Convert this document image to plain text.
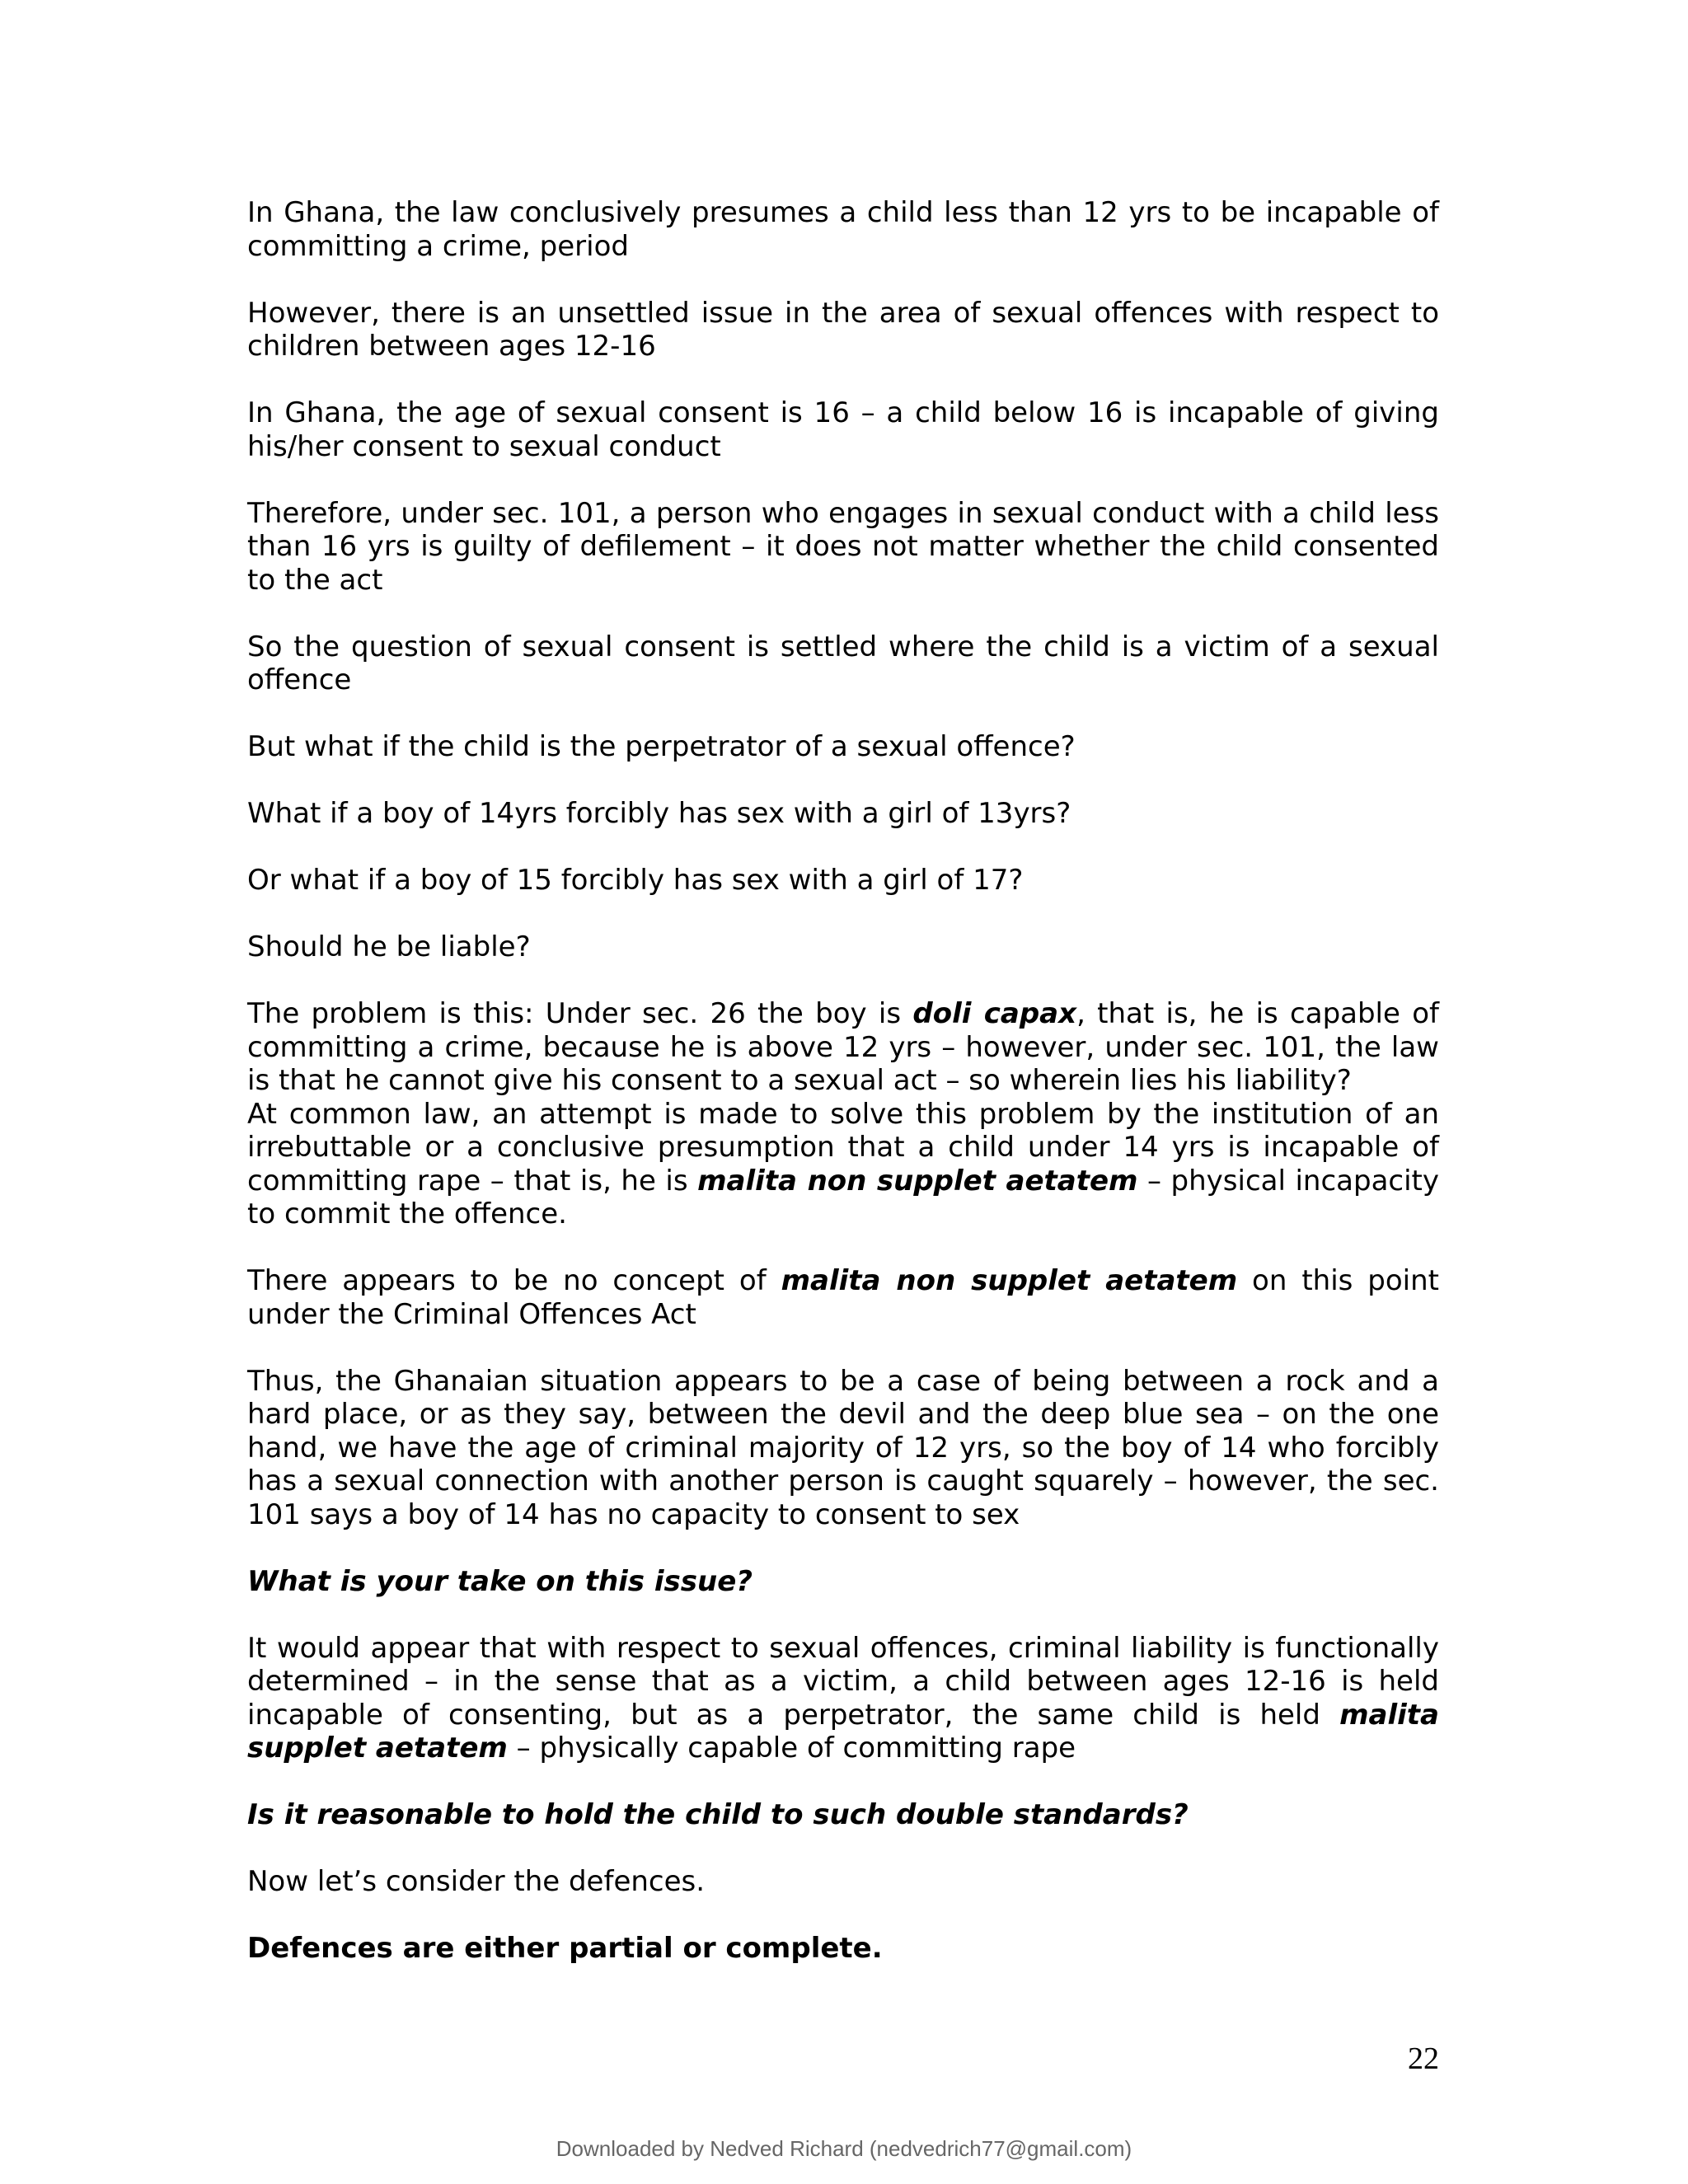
In Ghana, the law conclusively presumes a child less than 12 yrs to be incapable of committing a crime, period

However, there is an unsettled issue in the area of sexual offences with respect to children between ages 12-16

In Ghana, the age of sexual consent is 16 – a child below 16 is incapable of giving his/her consent to sexual conduct

Therefore, under sec. 101, a person who engages in sexual conduct with a child less than 16 yrs is guilty of defilement – it does not matter whether the child consented to the act

So the question of sexual consent is settled where the child is a victim of a sexual offence

But what if the child is the perpetrator of a sexual offence?

What if a boy of 14yrs forcibly has sex with a girl of 13yrs?

Or what if a boy of 15 forcibly has sex with a girl of 17?

Should he be liable?

The problem is this: Under sec. 26 the boy is doli capax, that is, he is capable of committing a crime, because he is above 12 yrs – however, under sec. 101, the law is that he cannot give his consent to a sexual act – so wherein lies his liability?

At common law, an attempt is made to solve this problem by the institution of an irrebuttable or a conclusive presumption that a child under 14 yrs is incapable of committing rape – that is, he is malita non supplet aetatem – physical incapacity to commit the offence.

There appears to be no concept of malita non supplet aetatem on this point under the Criminal Offences Act

Thus, the Ghanaian situation appears to be a case of being between a rock and a hard place, or as they say, between the devil and the deep blue sea – on the one hand, we have the age of criminal majority of 12 yrs, so the boy of 14 who forcibly has a sexual connection with another person is caught squarely – however, the sec. 101 says a boy of 14 has no capacity to consent to sex

What is your take on this issue?

It would appear that with respect to sexual offences, criminal liability is functionally determined – in the sense that as a victim, a child between ages 12-16 is held incapable of consenting, but as a perpetrator, the same child is held malita supplet aetatem – physically capable of committing rape

Is it reasonable to hold the child to such double standards?

Now let’s consider the defences.

Defences are either partial or complete.

22
Downloaded by Nedved Richard (nedvedrich77@gmail.com)
